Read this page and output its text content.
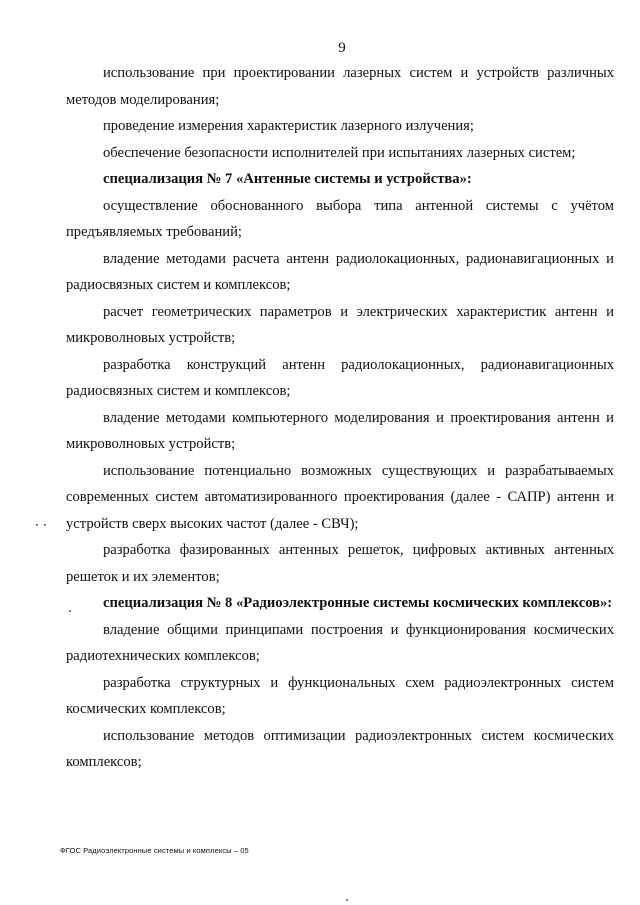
9

использование при проектировании лазерных систем и устройств различных методов моделирования;

проведение измерения характеристик лазерного излучения;

обеспечение безопасности исполнителей при испытаниях лазерных систем;

специализация № 7 «Антенные системы и устройства»:

осуществление обоснованного выбора типа антенной системы с учётом предъявляемых требований;

владение методами расчета антенн радиолокационных, радионавигационных и радиосвязных систем и комплексов;

расчет геометрических параметров и электрических характеристик антенн и микроволновых устройств;

разработка конструкций антенн радиолокационных, радионавигационных радиосвязных систем и комплексов;

владение методами компьютерного моделирования и проектирования антенн и микроволновых устройств;

использование потенциально возможных существующих и разрабатываемых современных систем автоматизированного проектирования (далее - САПР) антенн и устройств сверх высоких частот (далее - СВЧ);

разработка фазированных антенных решеток, цифровых активных антенных решеток и их элементов;

специализация № 8 «Радиоэлектронные системы космических комплексов»:

владение общими принципами построения и функционирования космических радиотехнических комплексов;

разработка структурных и функциональных схем радиоэлектронных систем космических комплексов;

использование методов оптимизации радиоэлектронных систем космических комплексов;

ФГОС Радиоэлектронные системы и комплексы – 05
